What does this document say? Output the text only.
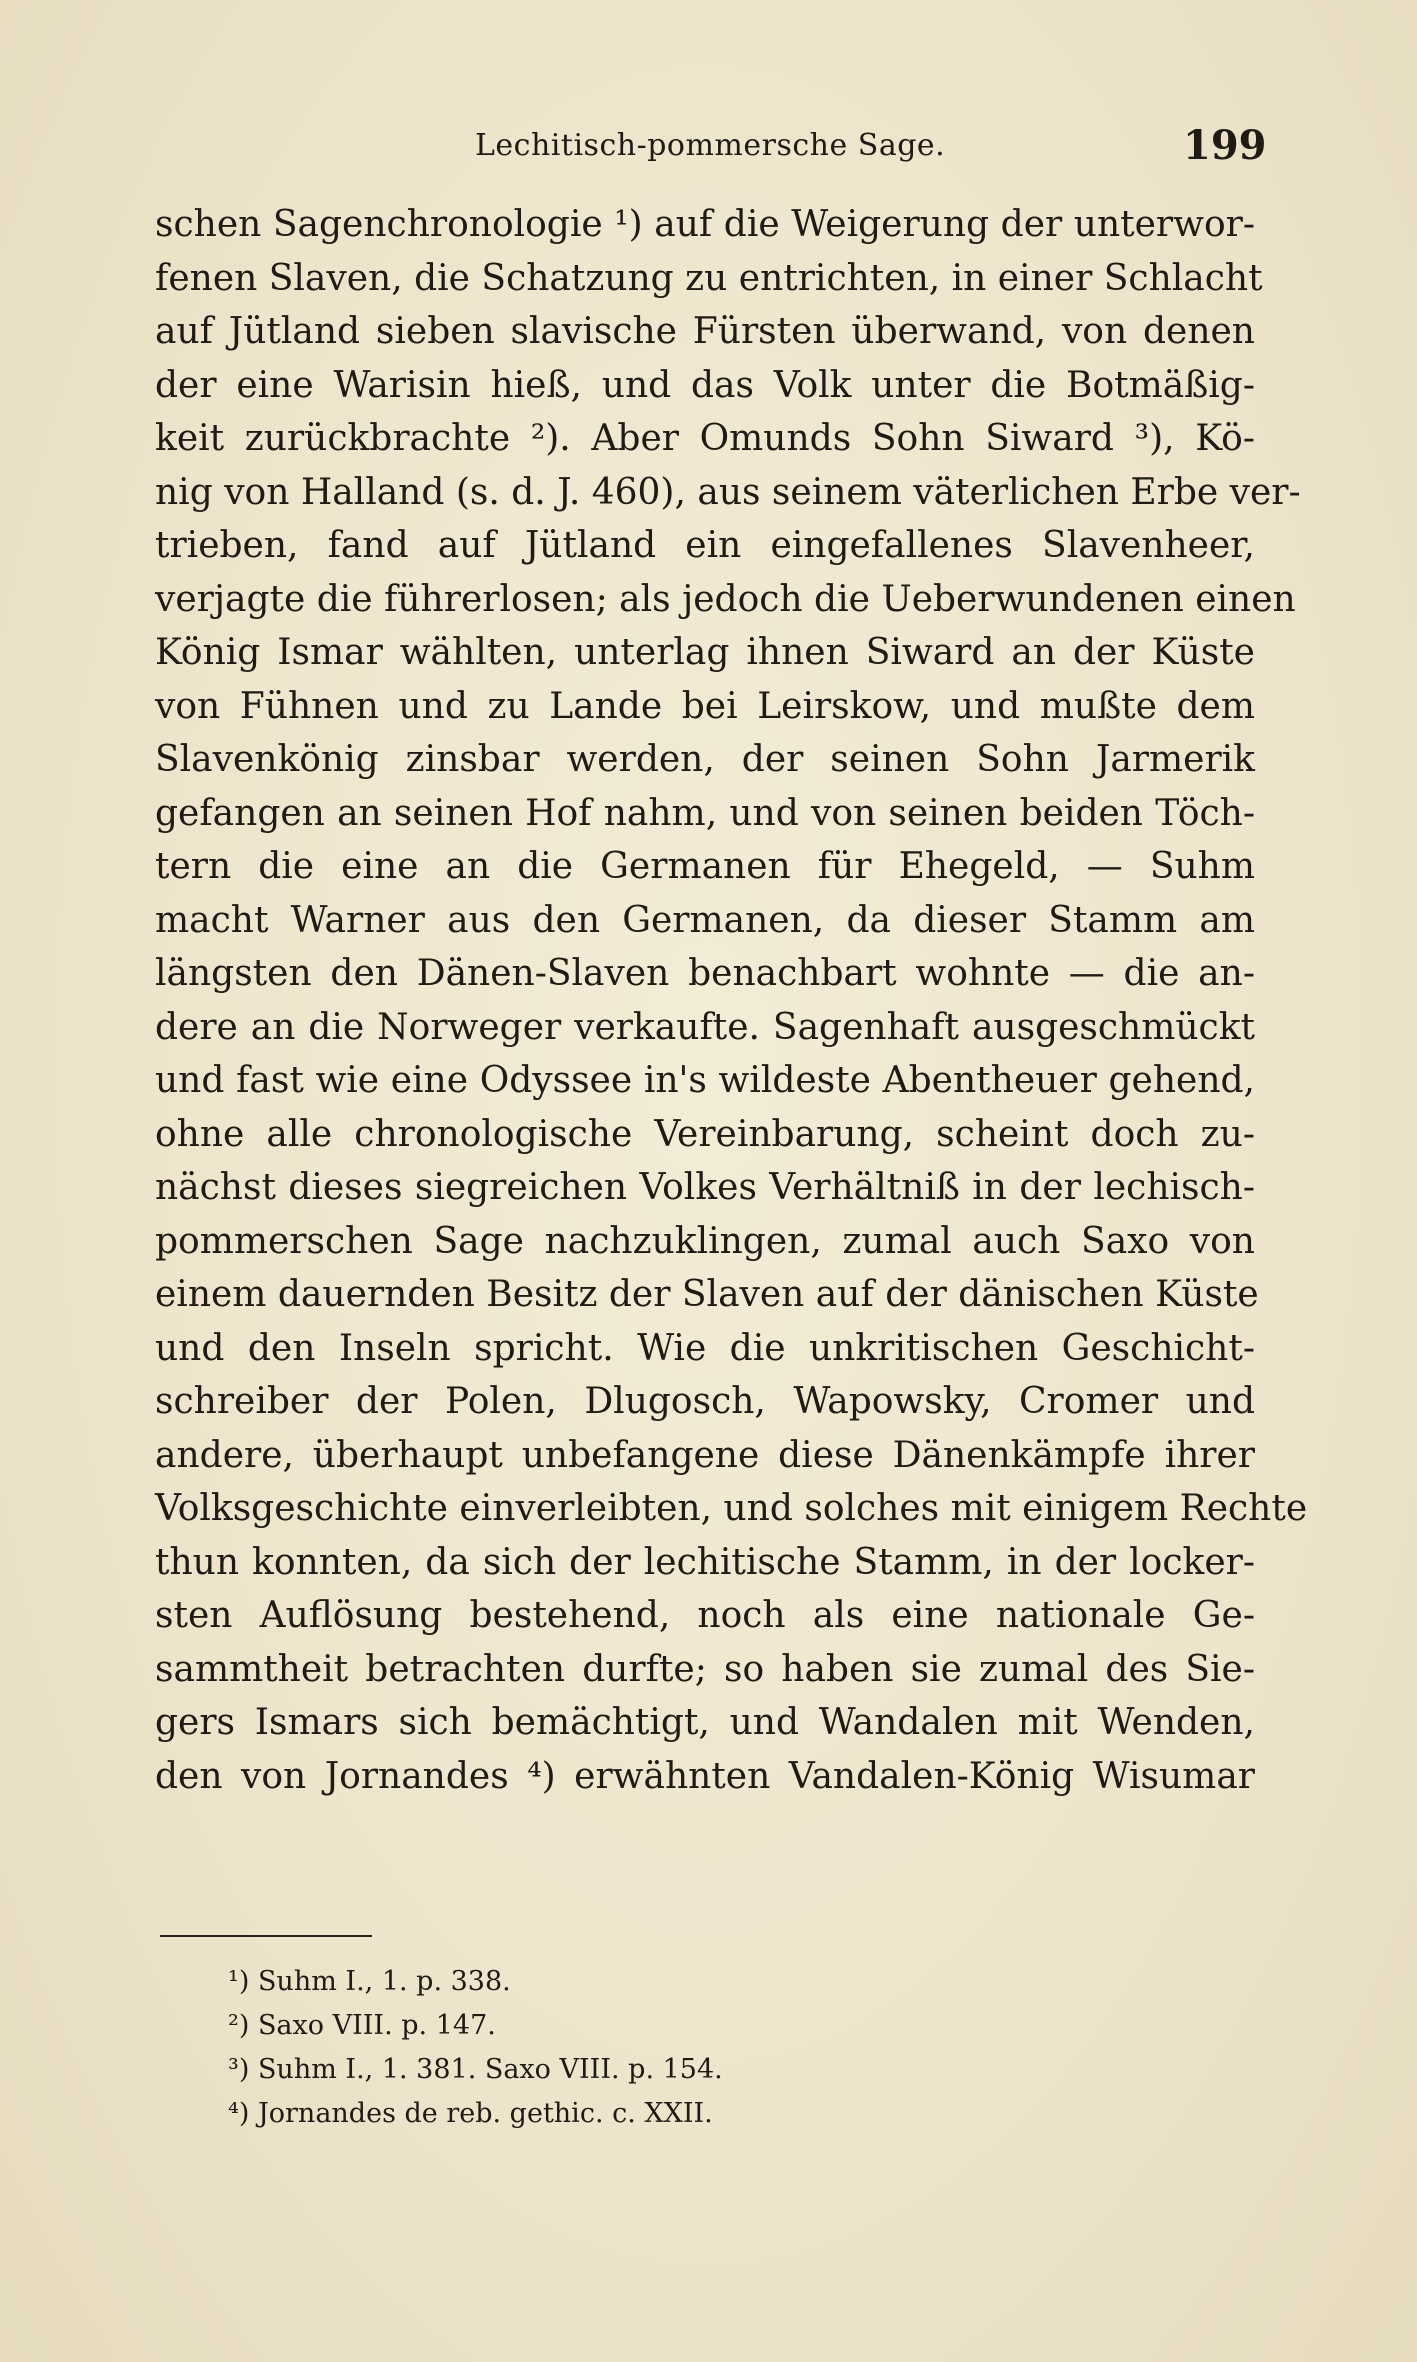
Lechitisch-pommersche Sage.	199
schen Sagenchronologie ¹) auf die Weigerung der unterwor-
fenen Slaven, die Schatzung zu entrichten, in einer Schlacht
auf Jütland sieben slavische Fürsten überwand, von denen
der eine Warisin hieß, und das Volk unter die Botmäßig-
keit zurückbrachte ²). Aber Omunds Sohn Siward ³), Kö-
nig von Halland (s. d. J. 460), aus seinem väterlichen Erbe ver-
trieben, fand auf Jütland ein eingefallenes Slavenheer,
verjagte die führerlosen; als jedoch die Ueberwundenen einen
König Ismar wählten, unterlag ihnen Siward an der Küste
von Fühnen und zu Lande bei Leirskow, und mußte dem
Slavenkönig zinsbar werden, der seinen Sohn Jarmerik
gefangen an seinen Hof nahm, und von seinen beiden Töch-
tern die eine an die Germanen für Ehegeld, — Suhm
macht Warner aus den Germanen, da dieser Stamm am
längsten den Dänen-Slaven benachbart wohnte — die an-
dere an die Norweger verkaufte. Sagenhaft ausgeschmückt
und fast wie eine Odyssee in's wildeste Abentheuer gehend,
ohne alle chronologische Vereinbarung, scheint doch zu-
nächst dieses siegreichen Volkes Verhältniß in der lechisch-
pommerschen Sage nachzuklingen, zumal auch Saxo von
einem dauernden Besitz der Slaven auf der dänischen Küste
und den Inseln spricht. Wie die unkritischen Geschicht-
schreiber der Polen, Dlugosch, Wapowsky, Cromer und
andere, überhaupt unbefangene diese Dänenkämpfe ihrer
Volksgeschichte einverleibten, und solches mit einigem Rechte
thun konnten, da sich der lechitische Stamm, in der locker-
sten Auflösung bestehend, noch als eine nationale Ge-
sammtheit betrachten durfte; so haben sie zumal des Sie-
gers Ismars sich bemächtigt, und Wandalen mit Wenden,
den von Jornandes ⁴) erwähnten Vandalen-König Wisumar
¹) Suhm I., 1. p. 338.
²) Saxo VIII. p. 147.
³) Suhm I., 1. 381. Saxo VIII. p. 154.
⁴) Jornandes de reb. gethic. c. XXII.
